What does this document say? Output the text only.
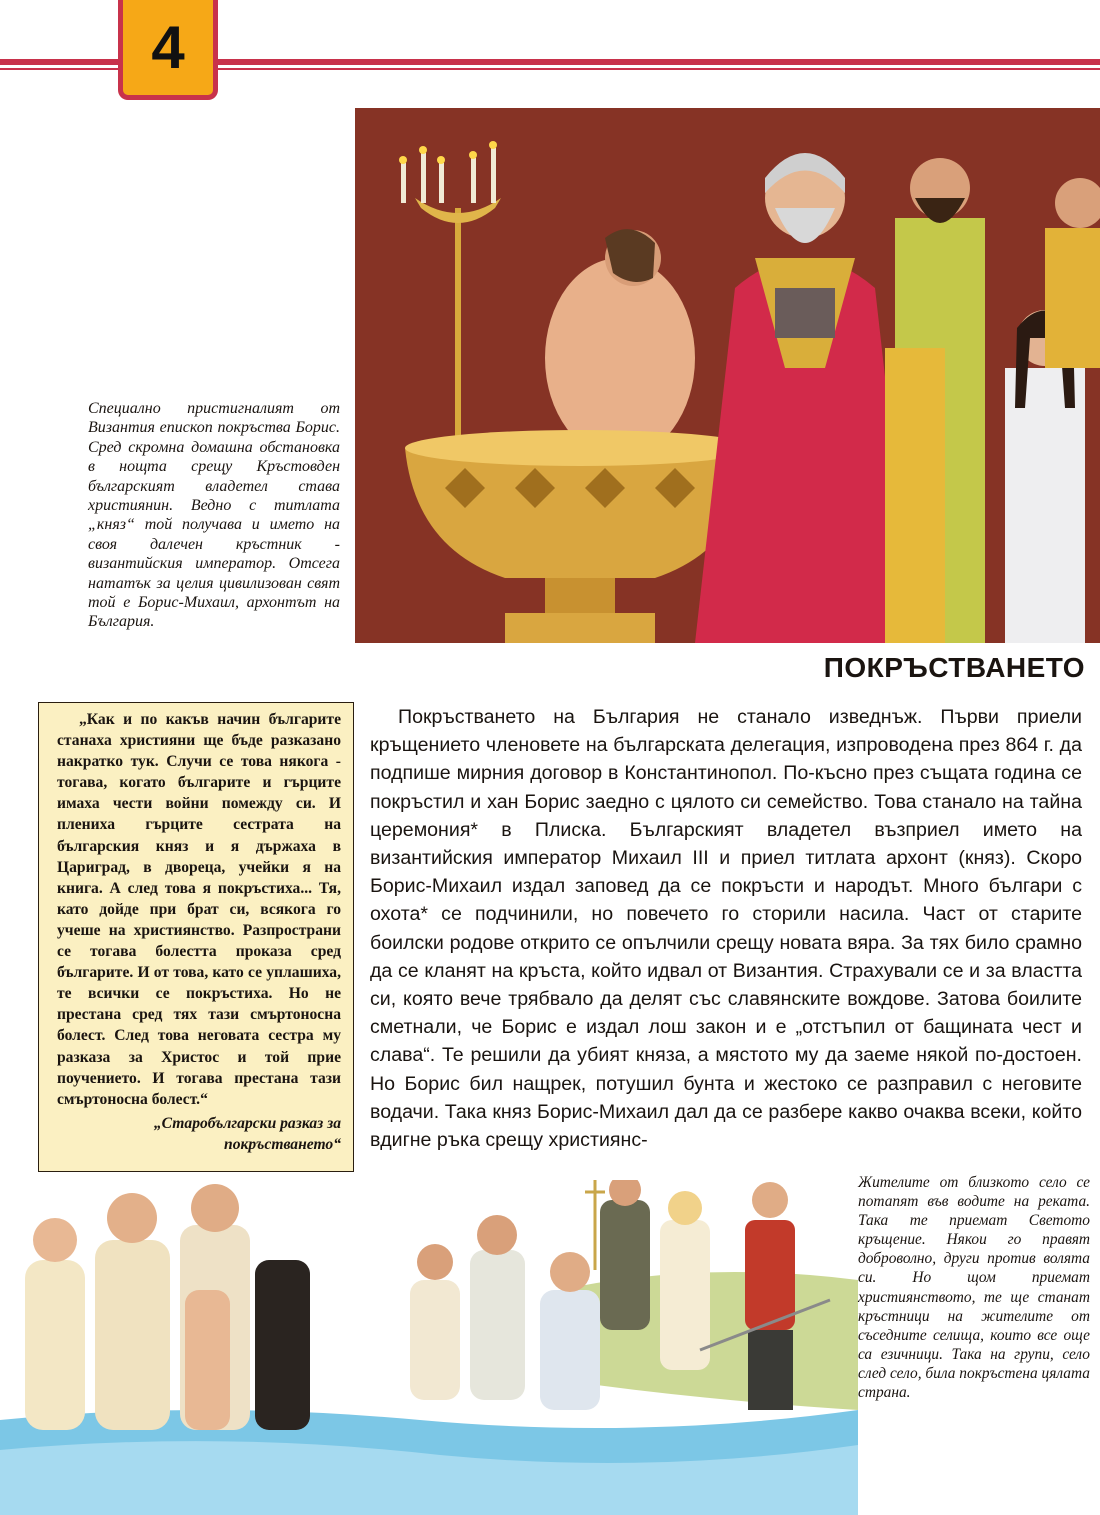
4

Специално пристигналият от Византия епископ покръства Борис. Сред скромна домашна обстановка в нощта срещу Кръстовден българският владетел става християнин. Ведно с титлата „княз“ той получава и името на своя далечен кръстник - византийския император. Отсега нататък за целия цивилизован свят той е Борис-Михаил, архонтът на България.

„Как и по какъв начин българите станаха християни ще бъде разказано накратко тук. Случи се това някога - тогава, когато българите и гърците имаха чести войни помежду си. И плениха гърците сестрата на българския княз и я държаха в Цариград, в двореца, учейки я на книга. А след това я покръстиха... Тя, като дойде при брат си, всякога го учеше на християнство. Разпространи се тогава болестта проказа сред българите. И от това, като се уплашиха, те всички се покръстиха. Но не престана сред тях тази смъртоносна болест. След това неговата сестра му разказа за Христос и той прие поучението. И тогава престана тази смъртоносна болест.“

„Старобългарски разказ за покръстването“
ПОКРЪСТВАНЕТО

Покръстването на България не станало изведнъж. Първи приели кръщението членовете на българската делегация, изпроводена през 864 г. да подпише мирния договор в Константинопол. По-късно през същата година се покръстил и хан Борис заедно с цялото си семейство. Това станало на тайна церемония* в Плиска. Българският владетел възприел името на византийския император Михаил III и приел титлата архонт (княз). Скоро Борис-Михаил издал заповед да се покръсти и народът. Много българи с охота* се подчинили, но повечето го сторили насила. Част от старите боилски родове открито се опълчили срещу новата вяра. За тях било срамно да се кланят на кръста, който идвал от Византия. Страхували се и за властта си, която вече трябвало да делят със славянските вождове. Затова боилите сметнали, че Борис е издал лош закон и е „отстъпил от бащината чест и слава“. Те решили да убият княза, а мястото му да заеме някой по-достоен. Но Борис бил нащрек, потушил бунта и жестоко се разправил с неговите водачи. Така княз Борис-Михаил дал да се разбере какво очаква всеки, който вдигне ръка срещу християнс-

Жителите от близкото село се потапят във водите на реката. Така те приемат Светото кръщение. Някои го правят доброволно, други против волята си. Но щом приемат християнството, те ще станат кръстници на жителите от съседните селища, които все още са езичници. Така на групи, село след село, била покръстена цялата страна.
